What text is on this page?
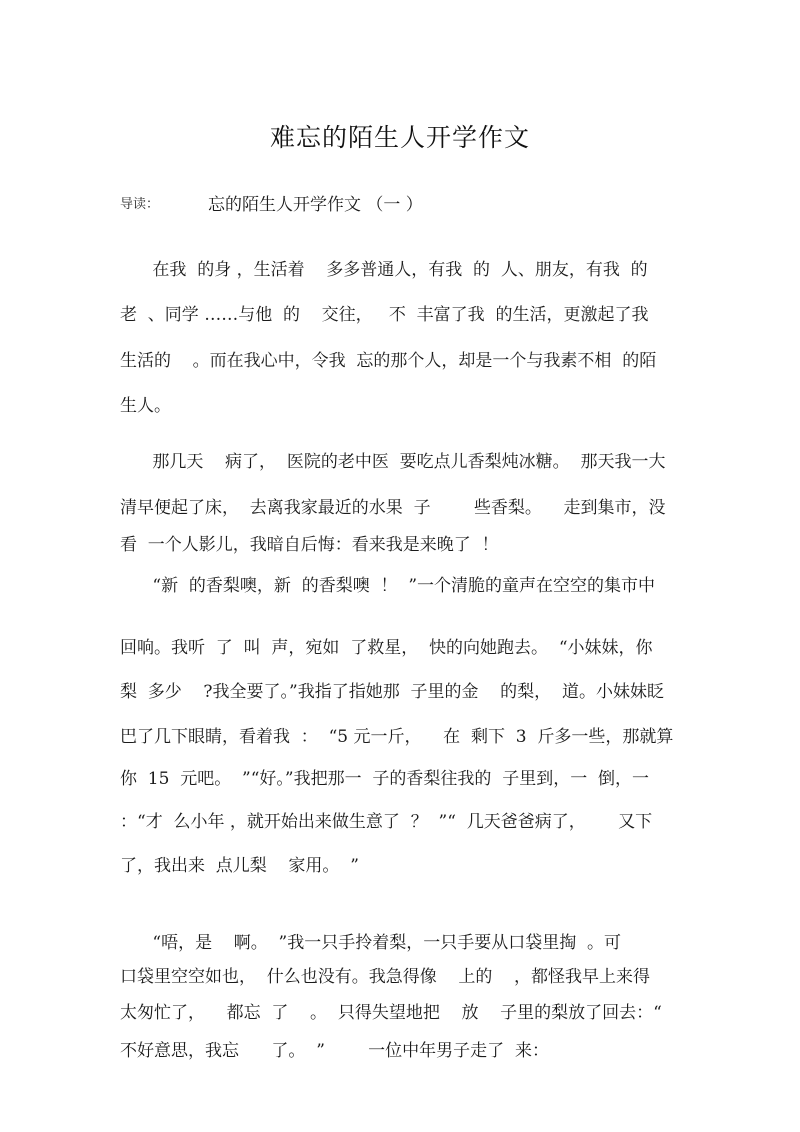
难忘的陌生人开学作文
导读：	忘的陌生人开学作文 （一 ）
在我  的身 ，生活着    多多普通人，有我  的  人、朋友，有我  的
老  、同学 ……与他  的    交往，   不  丰富了我  的生活，更激起了我
生活的    。而在我心中，令我  忘的那个人，却是一个与我素不相  的陌
生人。
那几天    病了，  医院的老中医  要吃点儿香梨炖冰糖。  那天我一大
清早便起了床，  去离我家最近的水果  子        些香梨。    走到集市，没
看  一个人影儿，我暗自后悔：看来我是来晚了  ！
“新  的香梨噢，新  的香梨噢  ！  ”一个清脆的童声在空空的集市中
回响。我听  了  叫  声，宛如  了救星，  快的向她跑去。  “小妹妹，你
梨  多少    ?我全要了。”我指了指她那  子里的金    的梨，  道。小妹妹眨
巴了几下眼睛，看着我  ：  “5 元一斤，    在  剩下  3  斤多一些，那就算
你  15  元吧。  ”“好。”我把那一  子的香梨往我的  子里到，一  倒，一
：“才  么小年 ，就开始出来做生意了  ？  ”“  几天爸爸病了，      又下
了，我出来  点儿梨    家用。  ”
“唔，是    啊。  ”我一只手拎着梨，一只手要从口袋里掏  。可
口袋里空空如也，  什么也没有。我急得像    上的    ，都怪我早上来得
太匆忙了，    都忘  了    。  只得失望地把    放    子里的梨放了回去：“
不好意思，我忘      了。  ”        一位中年男子走了  来：
